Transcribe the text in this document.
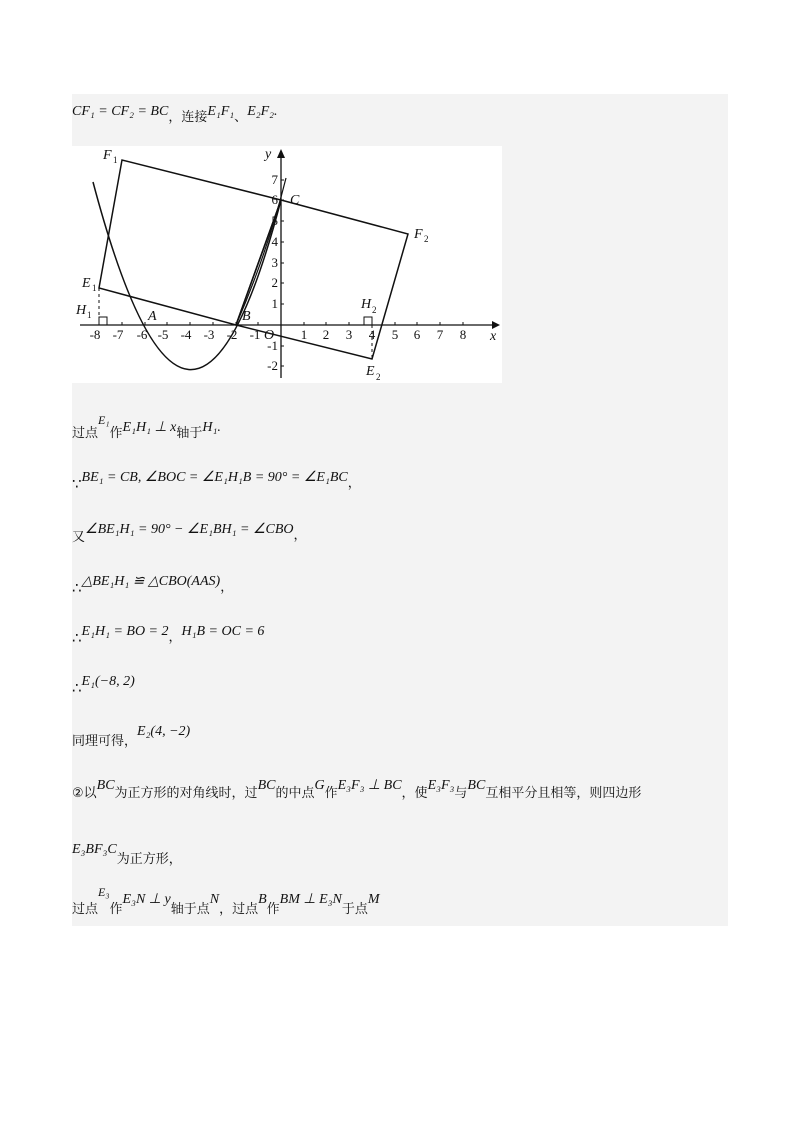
$CF_1 = CF_2 = BC_{,连接}E_1F_1_、E_2F_2$.
-8 -7 -6 -5 -4 -3 -2 -1	1 2 3 4 5 6 7 8
-2
-1
1
2
3
4
5
6
7
x
y
O
F 1
F 2
E 1
E 2
H 1
H 2
A	B
C
$_{过点}^{E_1}_作$E₁H₁ ⊥ $x_{轴于}H_1$.
∵BE₁ = CB, ∠BOC = ∠E₁H₁B = $90^\circ = \angle E_1BC_,$
$_又$∠BE₁H₁ = 90° − ∠E₁BH₁ = $\angle CBO_,$
∴△BE₁H₁ ≌ $\triangle CBO(AAS)_,$
∴E₁H₁ = BO = $2_,H_1B$ = OC = 6
∴E₁(−8, 2)
$_{同理可得,}$E₂(4, −2)
$_{②以}BC_{为正方形的对角线时,过}BC_{的中点}G_作E_3F_3$ ⊥ $BC_{,使}E_3F_3_与BC_{互相平分且相等,则四边形}$
$E_3BF_3C_{为正方形,}$
$_{过点}^{E_3}_作$E₃N ⊥ $y_{轴于点}N_{,过点}B_作BM$ ⊥ $E_3N_{于点}M$
